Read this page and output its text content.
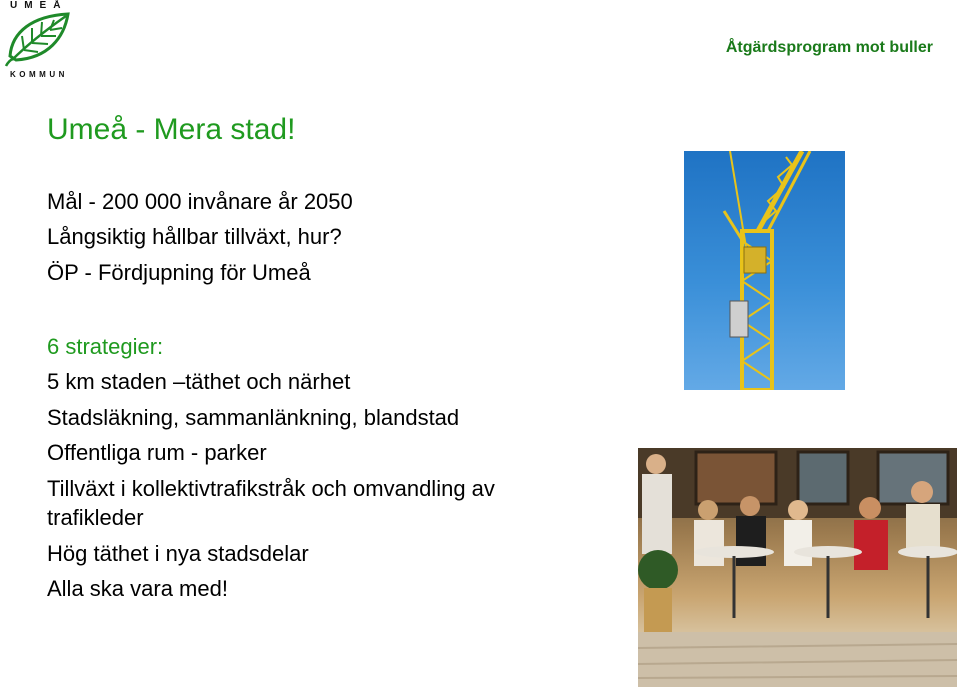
UMEÅ
KOMMUN
Åtgärdsprogram mot buller
Umeå - Mera stad!
Mål - 200 000 invånare år 2050
Långsiktig hållbar tillväxt, hur?
ÖP - Fördjupning för Umeå
6 strategier:
5 km staden –täthet och närhet
Stadsläkning, sammanlänkning, blandstad
Offentliga rum - parker
Tillväxt i kollektivtrafikstråk och omvandling av
trafikleder
Hög täthet i nya stadsdelar
Alla ska vara med!
